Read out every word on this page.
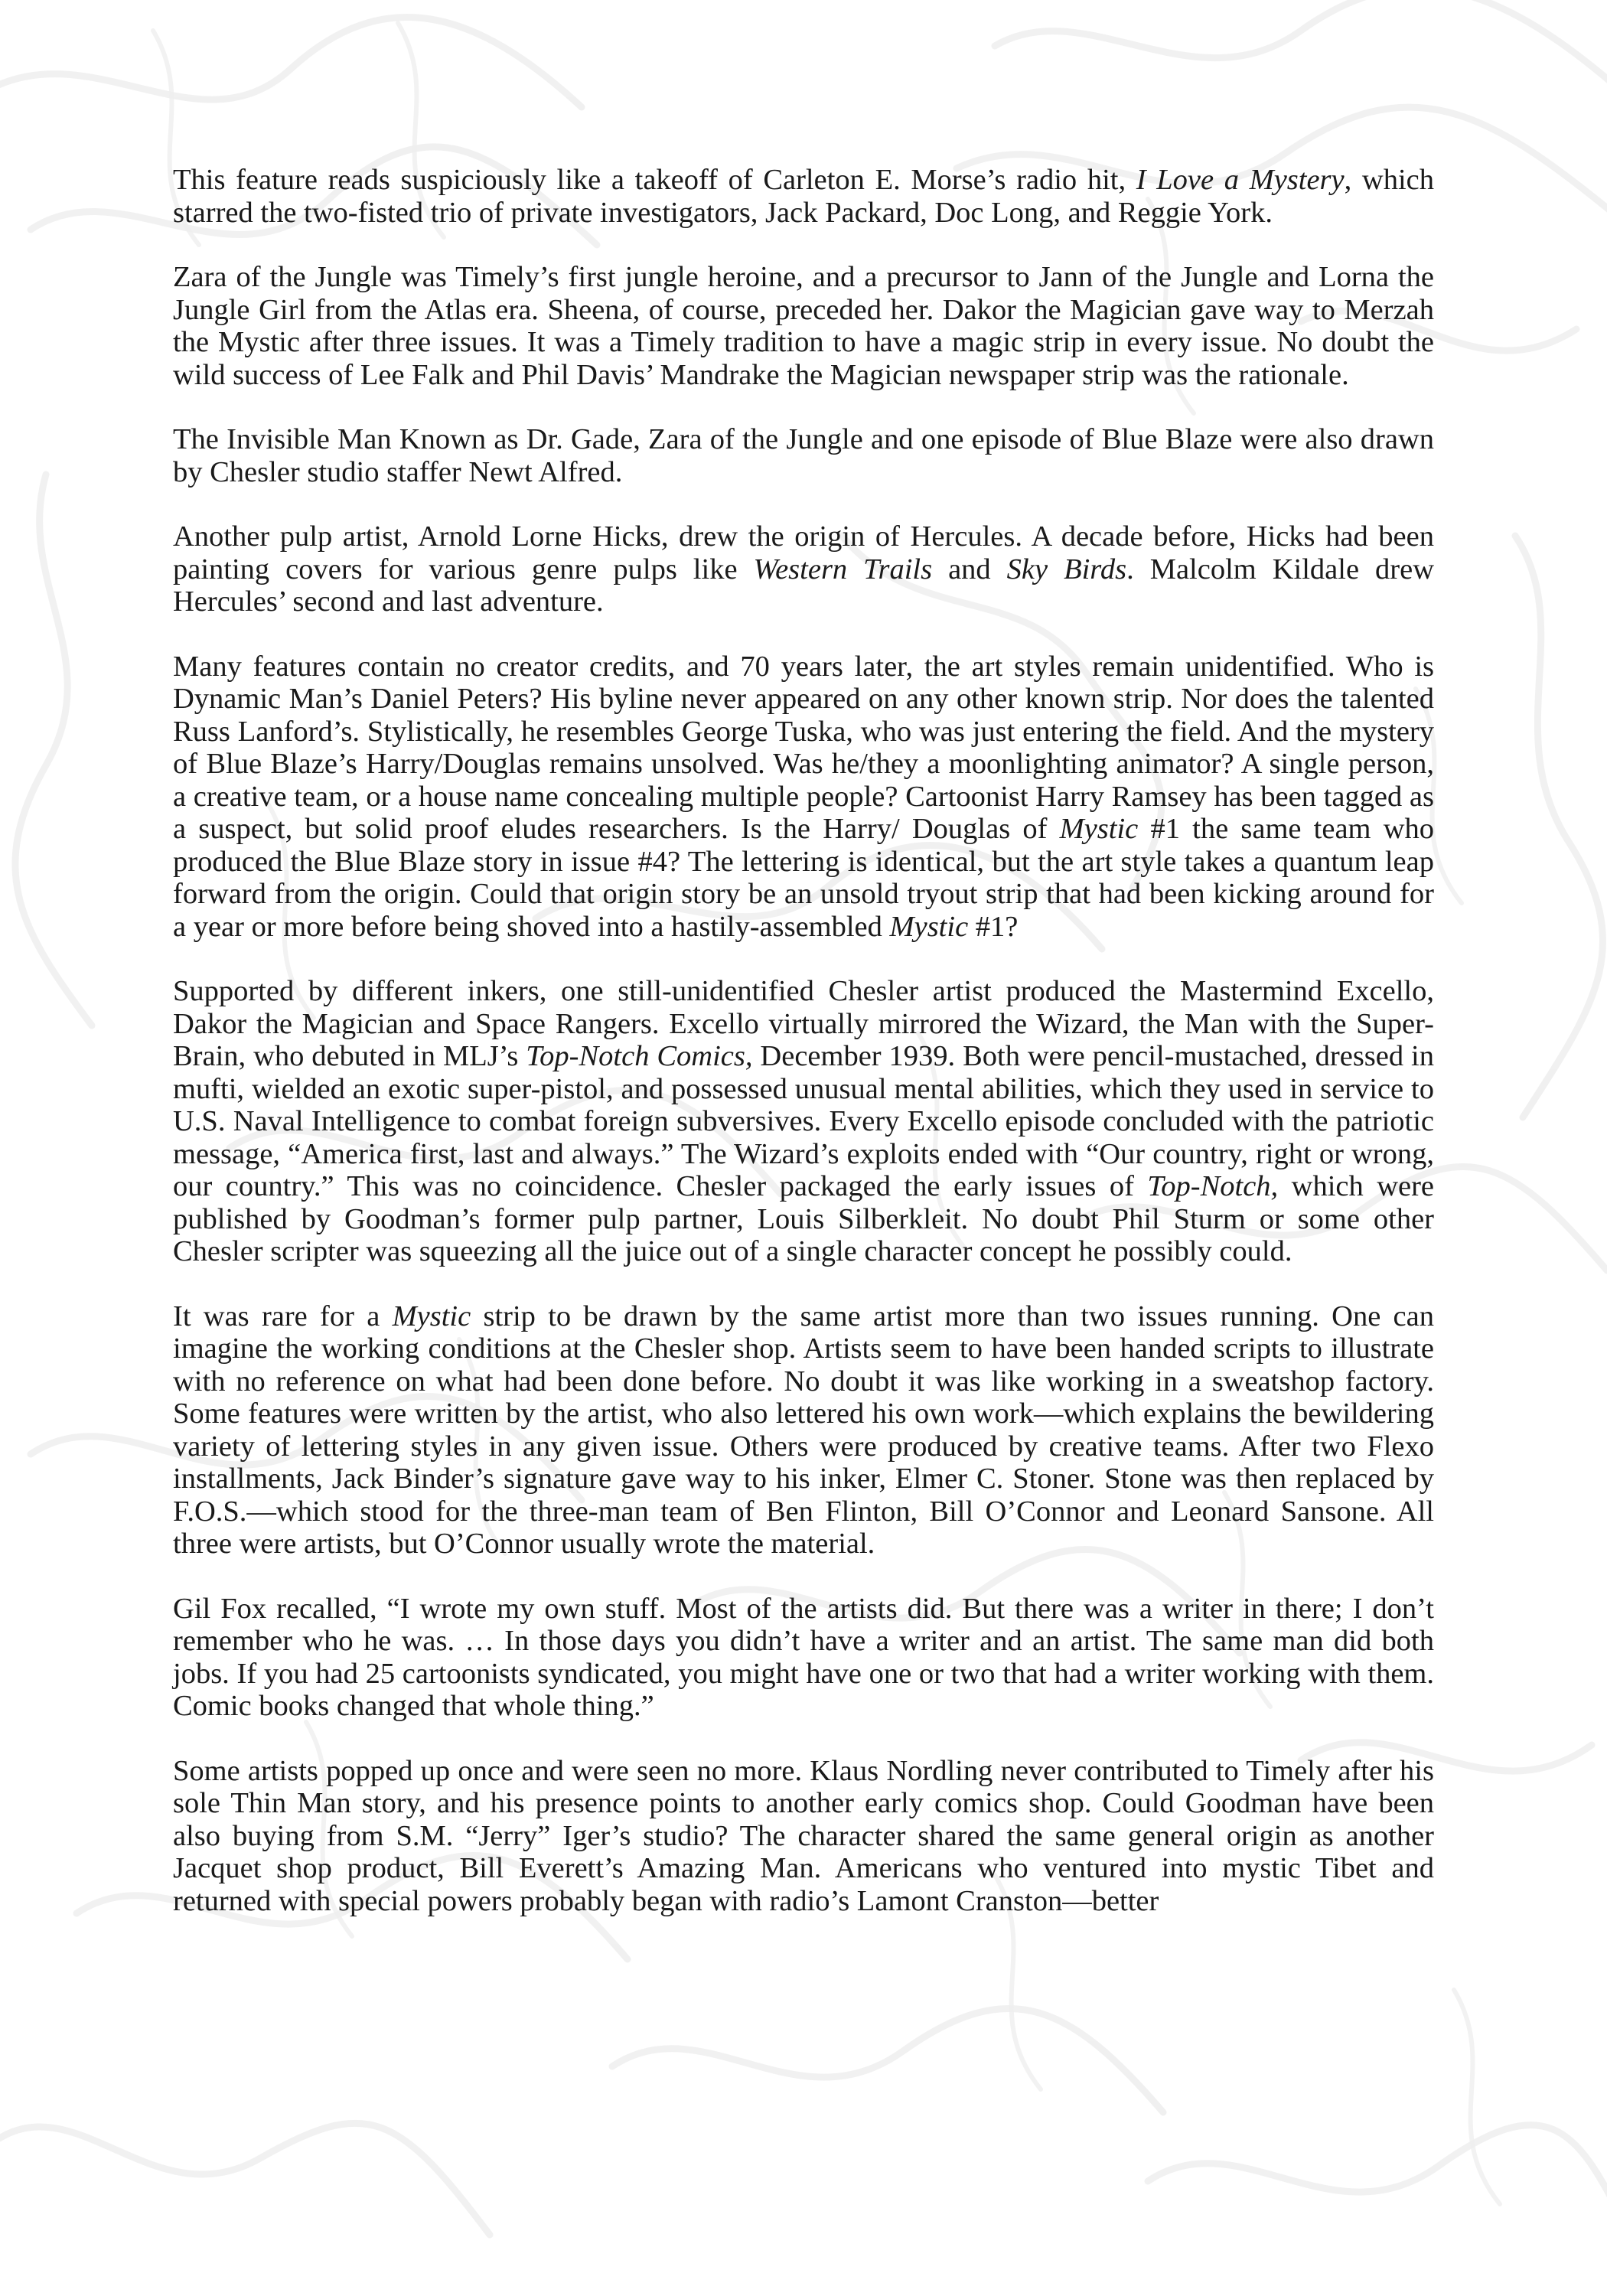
This feature reads suspiciously like a takeoff of Carleton E. Morse’s radio hit, I Love a Mystery, which starred the two-fisted trio of private investigators, Jack Packard, Doc Long, and Reggie York.

Zara of the Jungle was Timely’s first jungle heroine, and a precursor to Jann of the Jungle and Lorna the Jungle Girl from the Atlas era. Sheena, of course, preceded her. Dakor the Magician gave way to Merzah the Mystic after three issues. It was a Timely tradition to have a magic strip in every issue. No doubt the wild success of Lee Falk and Phil Davis’ Mandrake the Magician newspaper strip was the rationale.

The Invisible Man Known as Dr. Gade, Zara of the Jungle and one episode of Blue Blaze were also drawn by Chesler studio staffer Newt Alfred.

Another pulp artist, Arnold Lorne Hicks, drew the origin of Hercules. A decade before, Hicks had been painting covers for various genre pulps like Western Trails and Sky Birds. Malcolm Kildale drew Hercules’ second and last adventure.

Many features contain no creator credits, and 70 years later, the art styles remain unidentified. Who is Dynamic Man’s Daniel Peters? His byline never appeared on any other known strip. Nor does the talented Russ Lanford’s. Stylistically, he resembles George Tuska, who was just entering the field. And the mystery of Blue Blaze’s Harry/Douglas remains unsolved. Was he/they a moonlighting animator? A single person, a creative team, or a house name concealing multiple people? Cartoonist Harry Ramsey has been tagged as a suspect, but solid proof eludes researchers. Is the Harry/ Douglas of Mystic #1 the same team who produced the Blue Blaze story in issue #4? The lettering is identical, but the art style takes a quantum leap forward from the origin. Could that origin story be an unsold tryout strip that had been kicking around for a year or more before being shoved into a hastily-assembled Mystic #1?

Supported by different inkers, one still-unidentified Chesler artist produced the Mastermind Excello, Dakor the Magician and Space Rangers. Excello virtually mirrored the Wizard, the Man with the Super-Brain, who debuted in MLJ’s Top-Notch Comics, December 1939. Both were pencil-mustached, dressed in mufti, wielded an exotic super-pistol, and possessed unusual mental abilities, which they used in service to U.S. Naval Intelligence to combat foreign subversives. Every Excello episode concluded with the patriotic message, “America first, last and always.” The Wizard’s exploits ended with “Our country, right or wrong, our country.” This was no coincidence. Chesler packaged the early issues of Top-Notch, which were published by Goodman’s former pulp partner, Louis Silberkleit. No doubt Phil Sturm or some other Chesler scripter was squeezing all the juice out of a single character concept he possibly could.

It was rare for a Mystic strip to be drawn by the same artist more than two issues running. One can imagine the working conditions at the Chesler shop. Artists seem to have been handed scripts to illustrate with no reference on what had been done before. No doubt it was like working in a sweatshop factory. Some features were written by the artist, who also lettered his own work—which explains the bewildering variety of lettering styles in any given issue. Others were produced by creative teams. After two Flexo installments, Jack Binder’s signature gave way to his inker, Elmer C. Stoner. Stone was then replaced by F.O.S.—which stood for the three-man team of Ben Flinton, Bill O’Connor and Leonard Sansone. All three were artists, but O’Connor usually wrote the material.

Gil Fox recalled, “I wrote my own stuff. Most of the artists did. But there was a writer in there; I don’t remember who he was. … In those days you didn’t have a writer and an artist. The same man did both jobs. If you had 25 cartoonists syndicated, you might have one or two that had a writer working with them. Comic books changed that whole thing.”

Some artists popped up once and were seen no more. Klaus Nordling never contributed to Timely after his sole Thin Man story, and his presence points to another early comics shop. Could Goodman have been also buying from S.M. “Jerry” Iger’s studio? The character shared the same general origin as another Jacquet shop product, Bill Everett’s Amazing Man. Americans who ventured into mystic Tibet and returned with special powers probably began with radio’s Lamont Cranston—better
